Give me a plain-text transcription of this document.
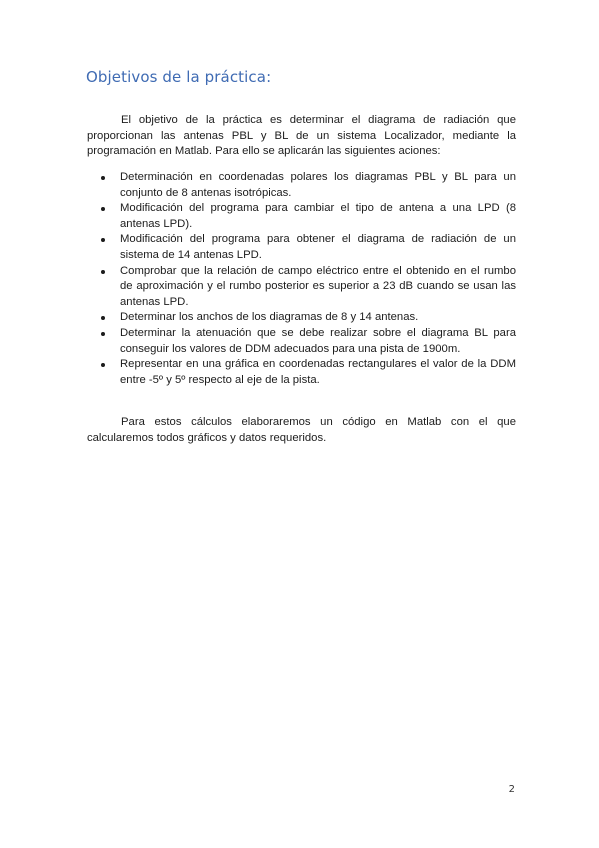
Objetivos de la práctica:

El objetivo de la práctica es determinar el diagrama de radiación que proporcionan las antenas PBL y BL de un sistema Localizador, mediante la programación en Matlab. Para ello se aplicarán las siguientes aciones:

Determinación en coordenadas polares los diagramas PBL y BL para un conjunto de 8 antenas isotrópicas.
Modificación del programa para cambiar el tipo de antena a una LPD (8 antenas LPD).
Modificación del programa para obtener el diagrama de radiación de un sistema de 14 antenas LPD.
Comprobar que la relación de campo eléctrico entre el obtenido en el rumbo de aproximación y el rumbo posterior es superior a 23 dB cuando se usan las antenas LPD.
Determinar los anchos de los diagramas de 8 y 14 antenas.
Determinar la atenuación que se debe realizar sobre el diagrama BL para conseguir los valores de DDM adecuados para una pista de 1900m.
Representar en una gráfica en coordenadas rectangulares el valor de la DDM entre -5º y 5º respecto al eje de la pista.

Para estos cálculos elaboraremos un código en Matlab con el que calcularemos todos gráficos y datos requeridos.

2
